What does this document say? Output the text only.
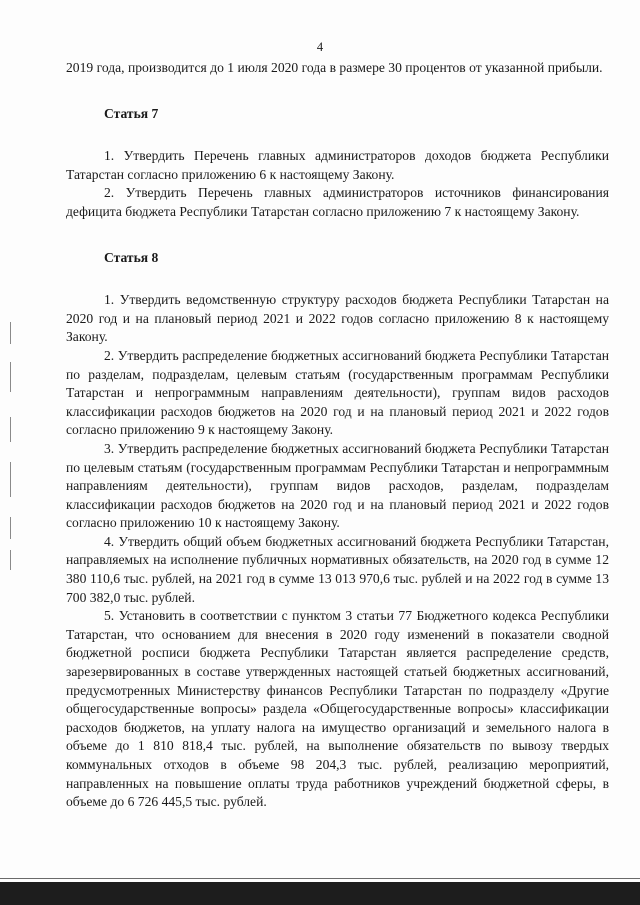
4

2019 года, производится до 1 июля 2020 года в размере 30 процентов от указанной прибыли.

Статья 7

1. Утвердить Перечень главных администраторов доходов бюджета Республики Татарстан согласно приложению 6 к настоящему Закону.

2. Утвердить Перечень главных администраторов источников финансирования дефицита бюджета Республики Татарстан согласно приложению 7 к настоящему Закону.

Статья 8

1. Утвердить ведомственную структуру расходов бюджета Республики Татарстан на 2020 год и на плановый период 2021 и 2022 годов согласно приложению 8 к настоящему Закону.

2. Утвердить распределение бюджетных ассигнований бюджета Республики Татарстан по разделам, подразделам, целевым статьям (государственным программам Республики Татарстан и непрограммным направлениям деятельности), группам видов расходов классификации расходов бюджетов на 2020 год и на плановый период 2021 и 2022 годов согласно приложению 9 к настоящему Закону.

3. Утвердить распределение бюджетных ассигнований бюджета Республики Татарстан по целевым статьям (государственным программам Республики Татарстан и непрограммным направлениям деятельности), группам видов расходов, разделам, подразделам классификации расходов бюджетов на 2020 год и на плановый период 2021 и 2022 годов согласно приложению 10 к настоящему Закону.

4. Утвердить общий объем бюджетных ассигнований бюджета Республики Татарстан, направляемых на исполнение публичных нормативных обязательств, на 2020 год в сумме 12 380 110,6 тыс. рублей, на 2021 год в сумме 13 013 970,6 тыс. рублей и на 2022 год в сумме 13 700 382,0 тыс. рублей.

5. Установить в соответствии с пунктом 3 статьи 77 Бюджетного кодекса Республики Татарстан, что основанием для внесения в 2020 году изменений в показатели сводной бюджетной росписи бюджета Республики Татарстан является распределение средств, зарезервированных в составе утвержденных настоящей статьей бюджетных ассигнований, предусмотренных Министерству финансов Республики Татарстан по подразделу «Другие общегосударственные вопросы» раздела «Общегосударственные вопросы» классификации расходов бюджетов, на уплату налога на имущество организаций и земельного налога в объеме до 1 810 818,4 тыс. рублей, на выполнение обязательств по вывозу твердых коммунальных отходов в объеме 98 204,3 тыс. рублей, реализацию мероприятий, направленных на повышение оплаты труда работников учреждений бюджетной сферы, в объеме до 6 726 445,5 тыс. рублей.
